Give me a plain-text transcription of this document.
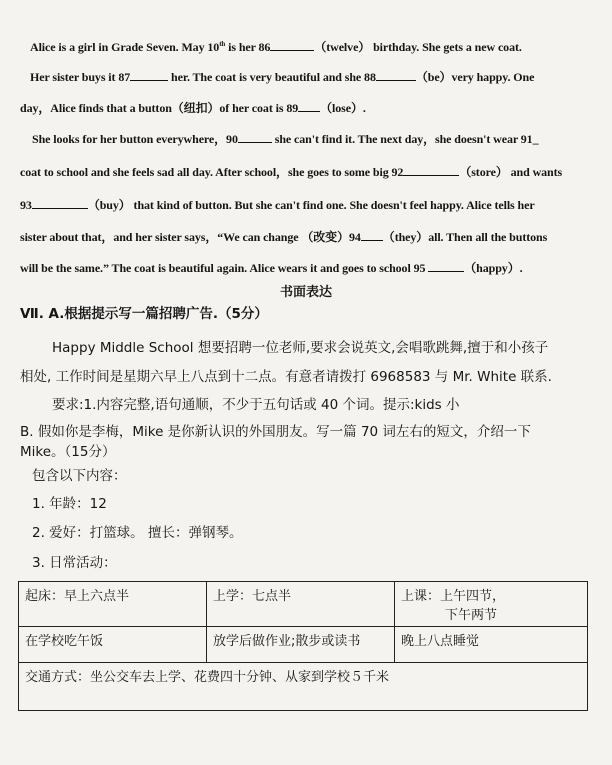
Alice is a girl in Grade Seven. May 10th is her 86	（twelve） birthday. She gets a new coat.
Her sister buys it 87	her. The coat is very beautiful and she 88	（be）very happy. One
day，Alice finds that a button（纽扣）of her coat is 89 （lose）.
She looks for her button everywhere，90	she can't find it. The next day，she doesn't wear 91_
coat to school and she feels sad all day. After school，she goes to some big 92	（store） and wants
93	（buy） that kind of button. But she can't find one. She doesn't feel happy. Alice tells her
sister about that，and her sister says，“We can change （改变）94 （they）all. Then all the buttons
will be the same.” The coat is beautiful again. Alice wears it and goes to school 95	（happy）.
书面表达
Ⅶ. A.根据提示写一篇招聘广告.（5分）
Happy Middle School 想要招聘一位老师,要求会说英文,会唱歌跳舞,擅于和小孩子
相处, 工作时间是星期六早上八点到十二点。有意者请拨打 6968583 与 Mr. White 联系.
要求:1.内容完整,语句通顺，不少于五句话或 40 个词。提示:kids 小
B. 假如你是李梅，Mike 是你新认识的外国朋友。写一篇 70 词左右的短文，介绍一下
Mike。（15分）
包含以下内容：
1. 年龄：12
2. 爱好：打篮球。 擅长：弹钢琴。
3. 日常活动：
起床：早上六点半	上学：七点半	上课：上午四节，
下午两节

在学校吃午饭	放学后做作业;散步或读书	晚上八点睡觉
交通方式：坐公交车去上学、花费四十分钟、从家到学校５千米		
